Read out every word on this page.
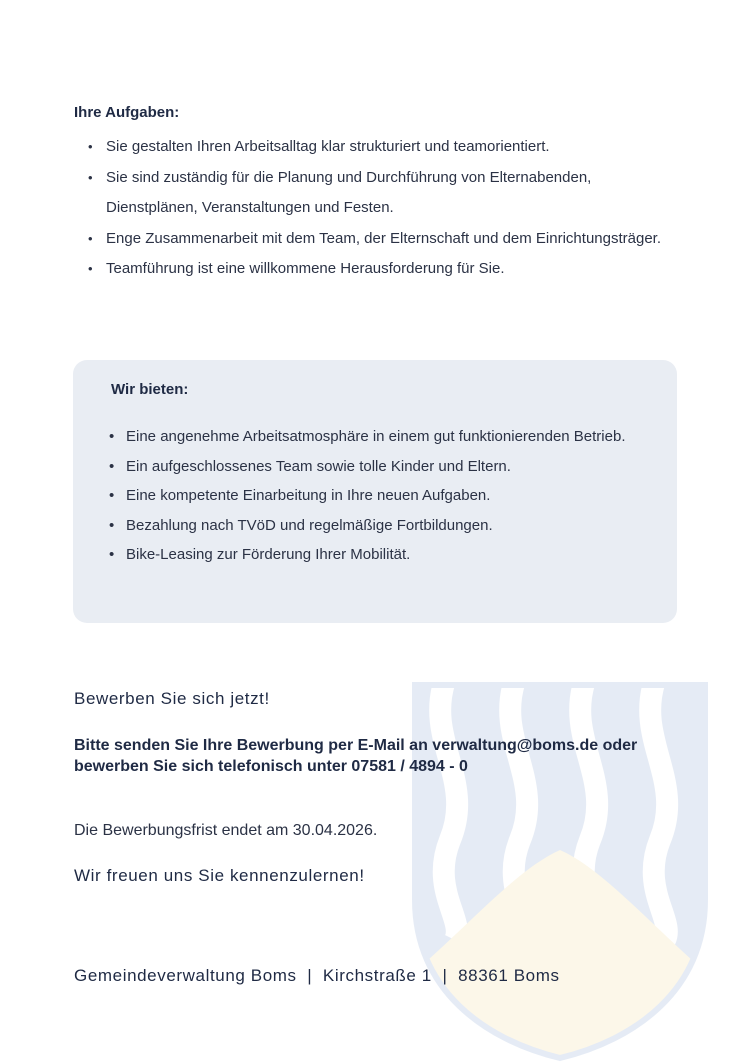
Ihre Aufgaben:
• Sie gestalten Ihren Arbeitsalltag klar strukturiert und teamorientiert.
• Sie sind zuständig für die Planung und Durchführung von Elternabenden, Dienstplänen, Veranstaltungen und Festen.
• Enge Zusammenarbeit mit dem Team, der Elternschaft und dem Einrichtungsträger.
• Teamführung ist eine willkommene Herausforderung für Sie.
Wir bieten:
• Eine angenehme Arbeitsatmosphäre in einem gut funktionierenden Betrieb.
• Ein aufgeschlossenes Team sowie tolle Kinder und Eltern.
• Eine kompetente Einarbeitung in Ihre neuen Aufgaben.
• Bezahlung nach TVöD und regelmäßige Fortbildungen.
• Bike-Leasing zur Förderung Ihrer Mobilität.
Bewerben Sie sich jetzt!
Bitte senden Sie Ihre Bewerbung per E-Mail an verwaltung@boms.de oder bewerben Sie sich telefonisch unter 07581 / 4894 - 0
Die Bewerbungsfrist endet am 30.04.2026.
Wir freuen uns Sie kennenzulernen!
Gemeindeverwaltung Boms  |  Kirchstraße 1  |  88361 Boms
